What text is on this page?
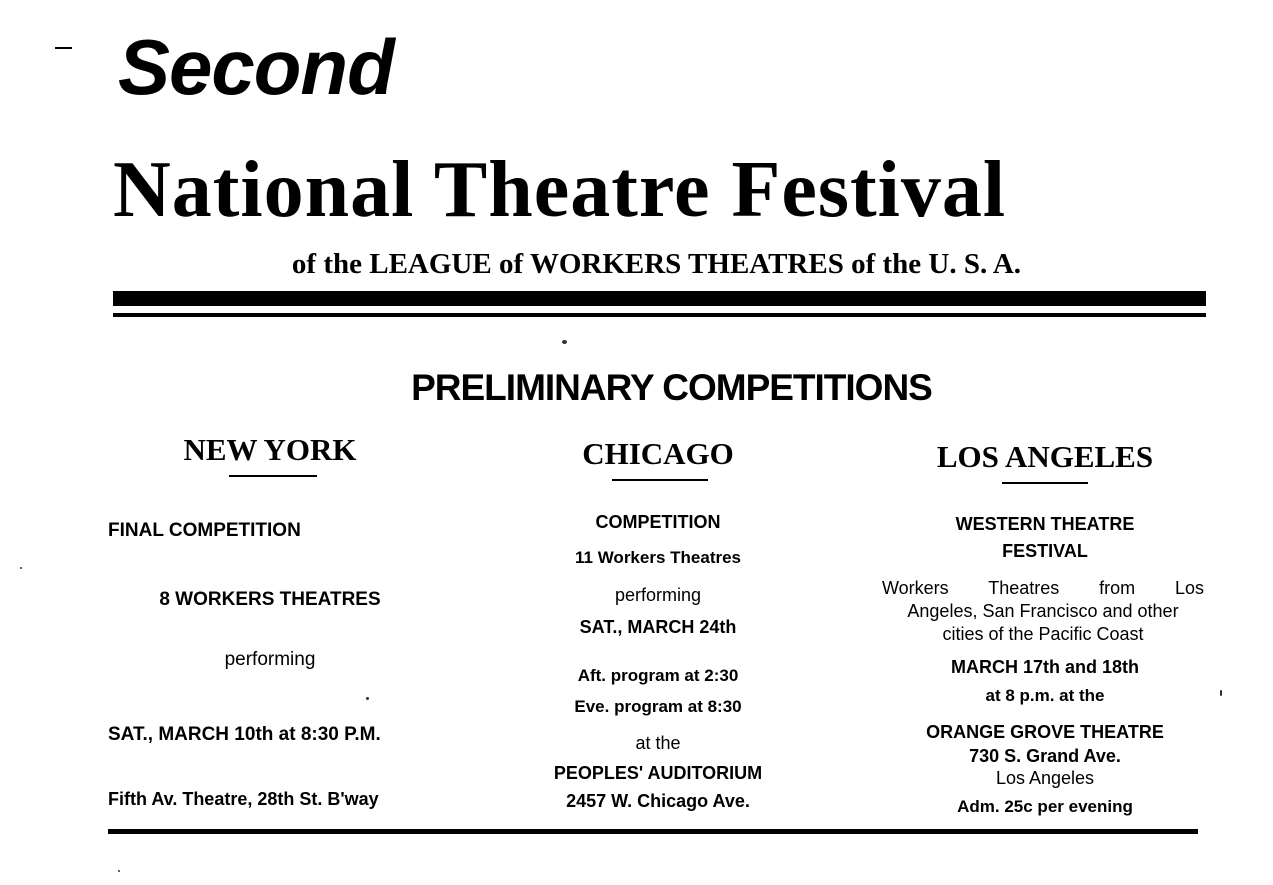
Second
National Theatre Festival
of the LEAGUE of WORKERS THEATRES of the U. S. A.
PRELIMINARY COMPETITIONS
NEW YORK
FINAL COMPETITION
8 WORKERS THEATRES
performing
SAT., MARCH 10th at 8:30 P.M.
Fifth Av. Theatre, 28th St. B'way
CHICAGO
COMPETITION
11 Workers Theatres
performing
SAT., MARCH 24th
Aft. program at 2:30
Eve. program at 8:30
at the
PEOPLES' AUDITORIUM
2457 W. Chicago Ave.
LOS ANGELES
WESTERN THEATRE
FESTIVAL
Workers Theatres from Los
Angeles, San Francisco and other
cities of the Pacific Coast
MARCH 17th and 18th
at 8 p.m. at the
ORANGE GROVE THEATRE
730 S. Grand Ave.
Los Angeles
Adm. 25c per evening
